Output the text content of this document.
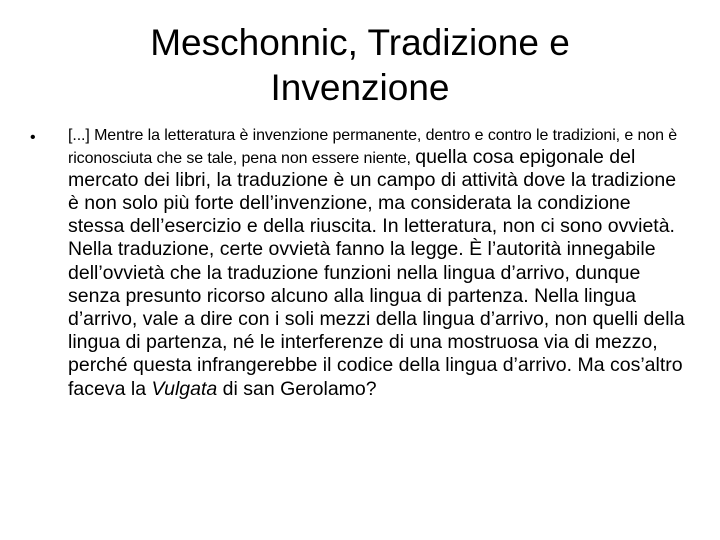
Meschonnic, Tradizione e Invenzione
• [...] Mentre la letteratura è invenzione permanente, dentro e contro le tradizioni, e non è riconosciuta che se tale, pena non essere niente, quella cosa epigonale del mercato dei libri, la traduzione è un campo di attività dove la tradizione è non solo più forte dell’invenzione, ma considerata la condizione stessa dell’esercizio e della riuscita. In letteratura, non ci sono ovvietà. Nella traduzione, certe ovvietà fanno la legge. È l’autorità innegabile dell’ovvietà che la traduzione funzioni nella lingua d’arrivo, dunque senza presunto ricorso alcuno alla lingua di partenza. Nella lingua d’arrivo, vale a dire con i soli mezzi della lingua d’arrivo, non quelli della lingua di partenza, né le interferenze di una mostruosa via di mezzo, perché questa infrangerebbe il codice della lingua d’arrivo. Ma cos’altro faceva la Vulgata di san Gerolamo?
